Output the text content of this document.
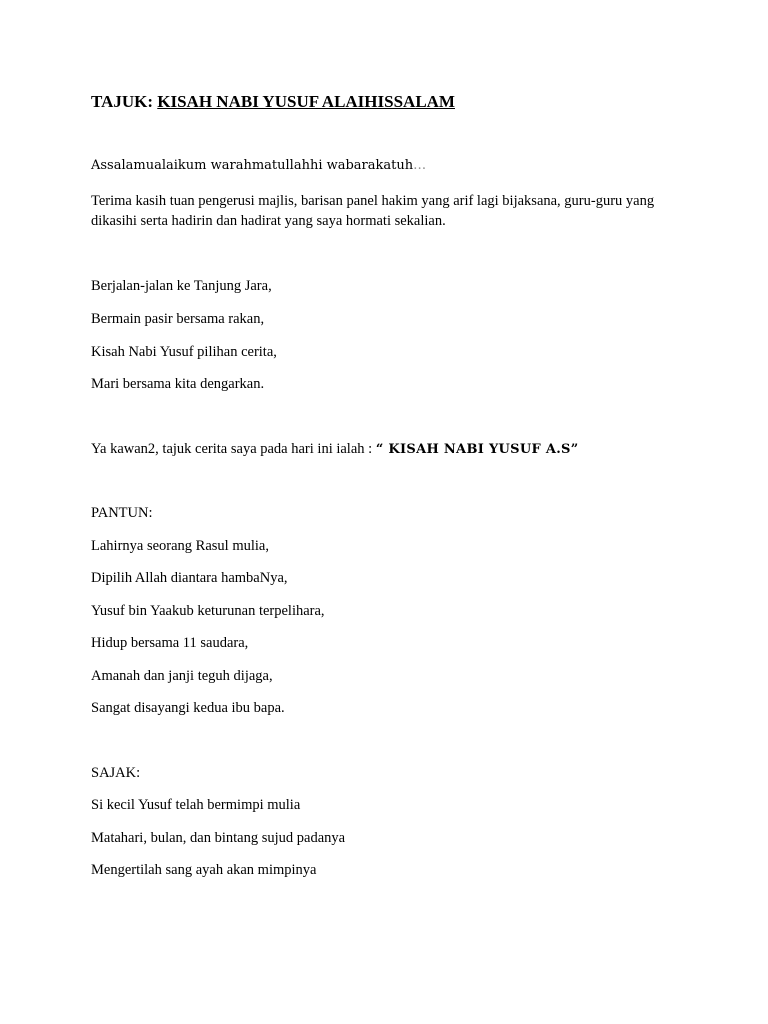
TAJUK: KISAH NABI YUSUF ALAIHISSALAM
Assalamualaikum warahmatullahhi wabarakatuh…
Terima kasih tuan pengerusi majlis, barisan panel hakim yang arif lagi bijaksana, guru-guru yang
dikasihi serta hadirin dan hadirat yang saya hormati sekalian.
Berjalan-jalan ke Tanjung Jara,
Bermain pasir bersama rakan,
Kisah Nabi Yusuf pilihan cerita,
Mari bersama kita dengarkan.
Ya kawan2, tajuk cerita saya pada hari ini ialah : “ KISAH NABI YUSUF A.S”
PANTUN:
Lahirnya seorang Rasul mulia,
Dipilih Allah diantara hambaNya,
Yusuf bin Yaakub keturunan terpelihara,
Hidup bersama 11 saudara,
Amanah dan janji teguh dijaga,
Sangat disayangi kedua ibu bapa.
SAJAK:
Si kecil Yusuf telah bermimpi mulia
Matahari, bulan, dan bintang sujud padanya
Mengertilah sang ayah akan mimpinya
